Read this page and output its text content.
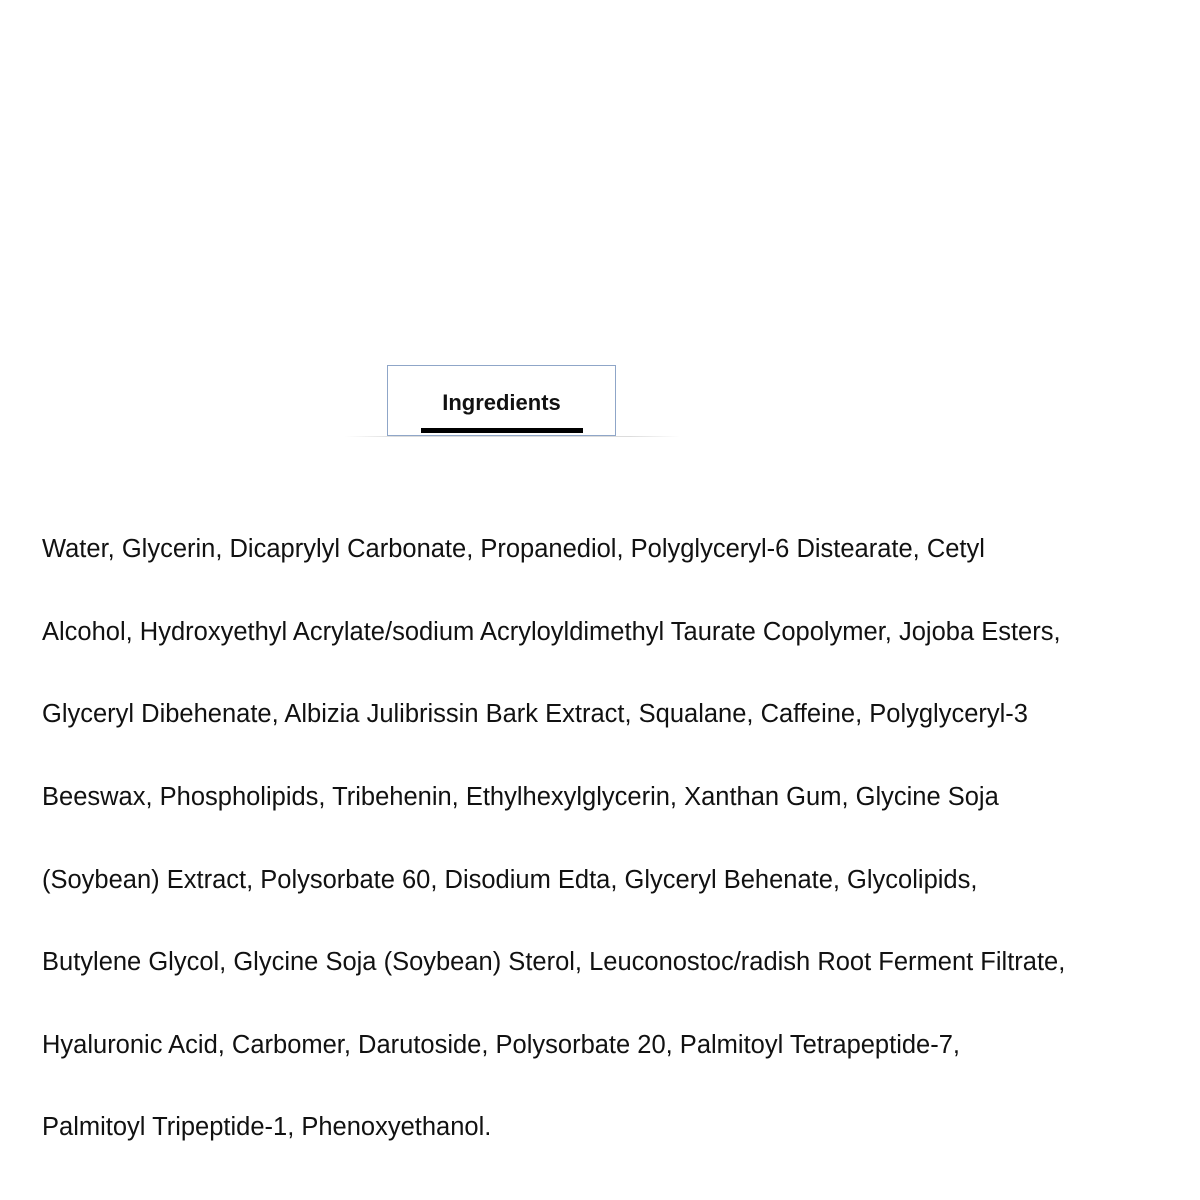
Ingredients

Water, Glycerin, Dicaprylyl Carbonate, Propanediol, Polyglyceryl-6 Distearate, Cetyl

Alcohol, Hydroxyethyl Acrylate/sodium Acryloyldimethyl Taurate Copolymer, Jojoba Esters,

Glyceryl Dibehenate, Albizia Julibrissin Bark Extract, Squalane, Caffeine, Polyglyceryl-3

Beeswax, Phospholipids, Tribehenin, Ethylhexylglycerin, Xanthan Gum, Glycine Soja

(Soybean) Extract, Polysorbate 60, Disodium Edta, Glyceryl Behenate, Glycolipids,

Butylene Glycol, Glycine Soja (Soybean) Sterol, Leuconostoc/radish Root Ferment Filtrate,

Hyaluronic Acid, Carbomer, Darutoside, Polysorbate 20, Palmitoyl Tetrapeptide-7,

Palmitoyl Tripeptide-1, Phenoxyethanol.
